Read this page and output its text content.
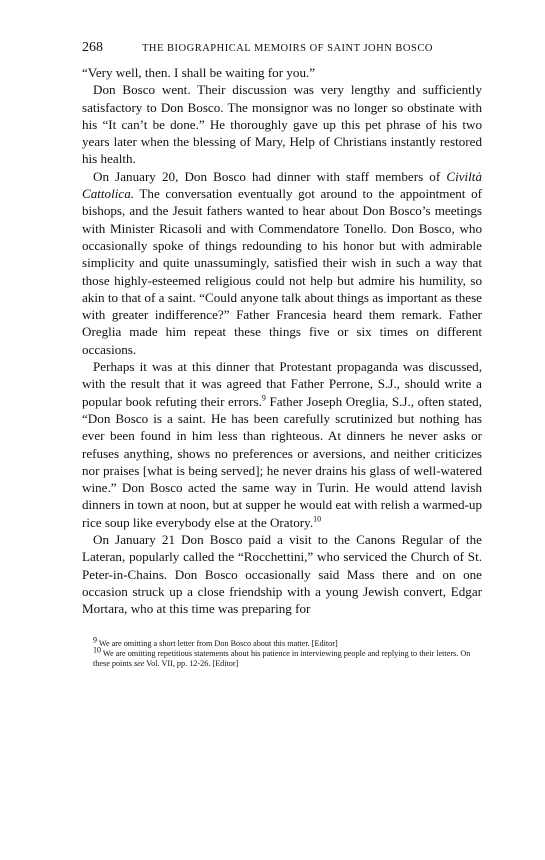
268	THE BIOGRAPHICAL MEMOIRS OF SAINT JOHN BOSCO

“Very well, then. I shall be waiting for you.”

Don Bosco went. Their discussion was very lengthy and sufficiently satisfactory to Don Bosco. The monsignor was no longer so obstinate with his “It can’t be done.” He thoroughly gave up this pet phrase of his two years later when the blessing of Mary, Help of Christians instantly restored his health.

On January 20, Don Bosco had dinner with staff members of Civiltà Cattolica. The conversation eventually got around to the appointment of bishops, and the Jesuit fathers wanted to hear about Don Bosco’s meetings with Minister Ricasoli and with Commendatore Tonello. Don Bosco, who occasionally spoke of things redounding to his honor but with admirable simplicity and quite unassumingly, satisfied their wish in such a way that those highly-esteemed religious could not help but admire his humility, so akin to that of a saint. “Could anyone talk about things as important as these with greater indifference?” Father Francesia heard them remark. Father Oreglia made him repeat these things five or six times on different occasions.

Perhaps it was at this dinner that Protestant propaganda was discussed, with the result that it was agreed that Father Perrone, S.J., should write a popular book refuting their errors.$^9$ Father Joseph Oreglia, S.J., often stated, “Don Bosco is a saint. He has been carefully scrutinized but nothing has ever been found in him less than righteous. At dinners he never asks or refuses anything, shows no preferences or aversions, and neither criticizes nor praises [what is being served]; he never drains his glass of well-watered wine.” Don Bosco acted the same way in Turin. He would attend lavish dinners in town at noon, but at supper he would eat with relish a warmed-up rice soup like everybody else at the Oratory.$^{10}$

On January 21 Don Bosco paid a visit to the Canons Regular of the Lateran, popularly called the “Rocchettini,” who serviced the Church of St. Peter-in-Chains. Don Bosco occasionally said Mass there and on one occasion struck up a close friendship with a young Jewish convert, Edgar Mortara, who at this time was preparing for

$^9$ We are omitting a short letter from Don Bosco about this matter. [Editor]

$^{10}$ We are omitting repetitious statements about his patience in interviewing people and replying to their letters. On these points see Vol. VII, pp. 12-26. [Editor]
